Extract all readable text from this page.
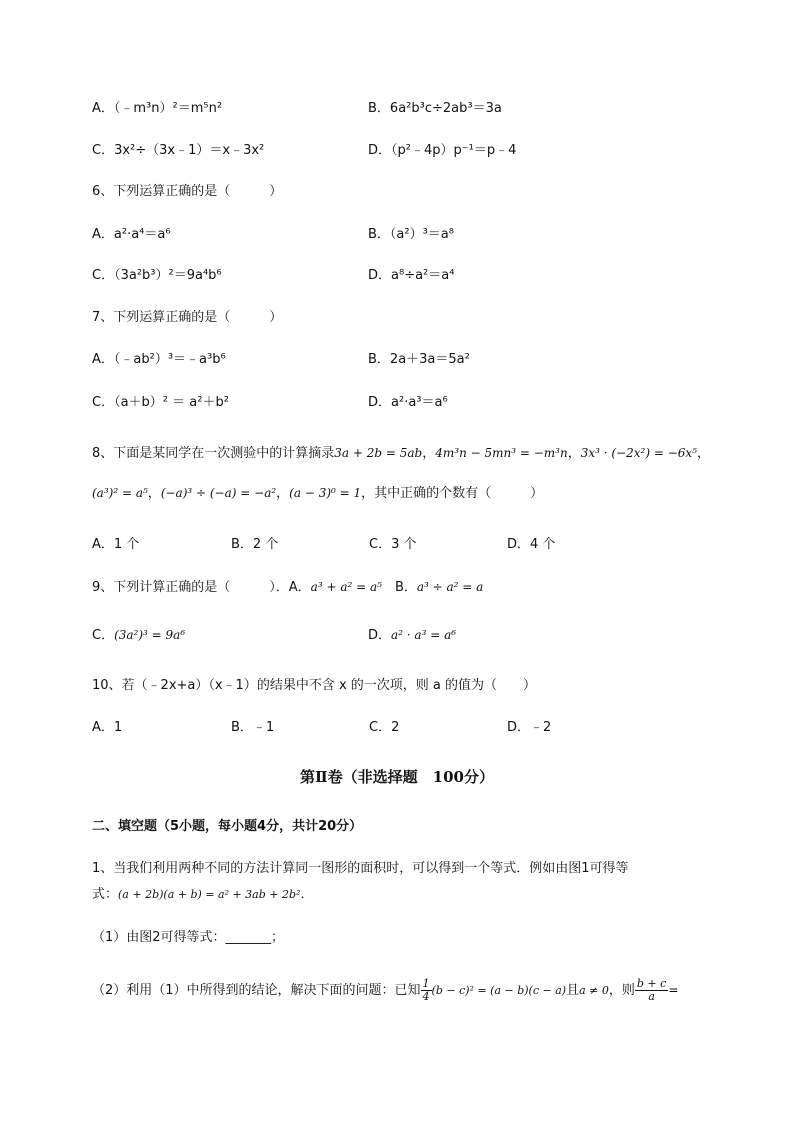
A．（﹣m³n）²＝m⁵n²	B．6a²b³c÷2ab³＝3a
C．3x²÷（3x﹣1）＝x﹣3x²	D．（p²﹣4p）p⁻¹＝p﹣4
6、下列运算正确的是（　　　）
A．a²·a⁴＝a⁶	B．（a²）³＝a⁸
C．（3a²b³）²＝9a⁴b⁶	D．a⁸÷a²＝a⁴
7、下列运算正确的是（　　　）
A．（﹣ab²）³＝﹣a³b⁶	B．2a＋3a＝5a²
C．（a＋b）² ＝ a²＋b²	D．a²·a³＝a⁶
8、下面是某同学在一次测验中的计算摘录3a + 2b = 5ab，4m³n − 5mn³ = −m³n，3x³ · (−2x²) = −6x⁵，
(a³)² = a⁵，(−a)³ ÷ (−a) = −a²，(a − 3)⁰ = 1，其中正确的个数有（　　　）
A．1 个	B．2 个	C．3 个	D．4 个
9、下列计算正确的是（　　　）．A．a³ + a² = a⁵　B．a³ ÷ a² = a
C．(3a²)³ = 9a⁶	D．a² · a³ = a⁶
10、若（﹣2x+a）（x﹣1）的结果中不含 x 的一次项，则 a 的值为（　　）
A．1	B．﹣1	C．2	D．﹣2
第Ⅱ卷（非选择题　100分）
二、填空题（5小题，每小题4分，共计20分）
1、当我们利用两种不同的方法计算同一图形的面积时，可以得到一个等式．例如由图1可得等
式：(a + 2b)(a + b) = a² + 3ab + 2b²．
（1）由图2可得等式：_______；
（2）利用（1）中所得到的结论，解决下面的问题：已知 $\frac{1}{4} (b - c)^2 = (a - b)(c - a)$且a ≠ 0，则 $\frac{b + c}{a}$ =
